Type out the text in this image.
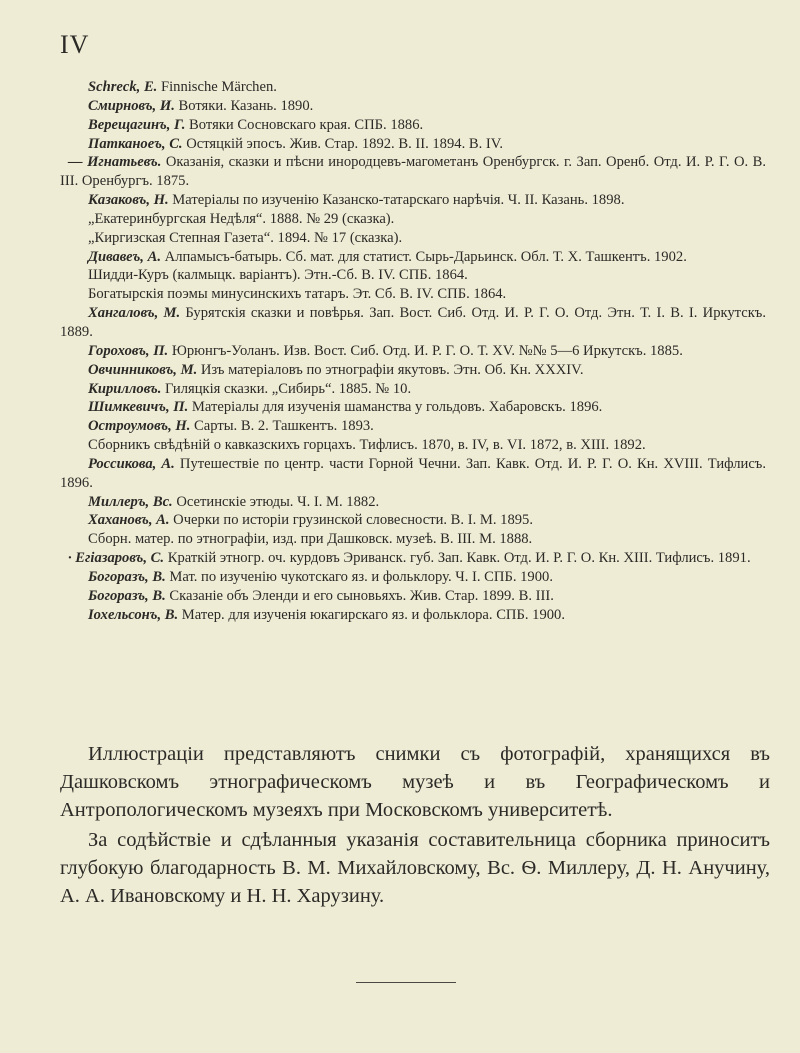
IV
Schreck, E. Finnische Märchen.
Смирновъ, И. Вотяки. Казань. 1890.
Верещагинъ, Г. Вотяки Сосновскаго края. СПБ. 1886.
Патканоеъ, С. Остяцкій эпосъ. Жив. Стар. 1892. В. II. 1894. В. IV.
— Игнатьевъ. Оказанія, сказки и пѣсни инородцевъ-магометанъ Оренбургск. г. Зап. Оренб. Отд. И. Р. Г. О. В. III. Оренбургъ. 1875.
Казаковъ, Н. Матеріалы по изученію Казанско-татарскаго нарѣчія. Ч. II. Казань. 1898.
„Екатеринбургская Недѣля“. 1888. № 29 (сказка).
„Киргизская Степная Газета“. 1894. № 17 (сказка).
Дивавеъ, А. Алпамысъ-батырь. Сб. мат. для статист. Сырь-Дарьинск. Обл. Т. X. Ташкентъ. 1902.
Шидди-Куръ (калмыцк. варіантъ). Этн.-Сб. В. IV. СПБ. 1864.
Богатырскія поэмы минусинскихъ татаръ. Эт. Сб. В. IV. СПБ. 1864.
Хангаловъ, М. Бурятскія сказки и повѣрья. Зап. Вост. Сиб. Отд. И. Р. Г. О. Отд. Этн. Т. I. В. I. Иркутскъ. 1889.
Гороховъ, П. Юрюнгъ-Уоланъ. Изв. Вост. Сиб. Отд. И. Р. Г. О. Т. XV. №№ 5—6 Иркутскъ. 1885.
Овчинниковъ, М. Изъ матеріаловъ по этнографіи якутовъ. Этн. Об. Кн. XXXIV.
Кирилловъ. Гиляцкія сказки. „Сибирь“. 1885. № 10.
Шимкевичъ, П. Матеріалы для изученія шаманства у гольдовъ. Хабаровскъ. 1896.
Остроумовъ, Н. Сарты. В. 2. Ташкентъ. 1893.
Сборникъ свѣдѣній о кавказскихъ горцахъ. Тифлисъ. 1870, в. IV, в. VI. 1872, в. XIII. 1892.
Россикова, А. Путешествіе по центр. части Горной Чечни. Зап. Кавк. Отд. И. Р. Г. О. Кн. XVIII. Тифлисъ. 1896.
Миллеръ, Вс. Осетинскіе этюды. Ч. I. М. 1882.
Хахановъ, А. Очерки по исторіи грузинской словесности. В. I. М. 1895.
Сборн. матер. по этнографіи, изд. при Дашковск. музеѣ. В. III. М. 1888.
· Егіазаровъ, С. Краткій этногр. оч. курдовъ Эриванск. губ. Зап. Кавк. Отд. И. Р. Г. О. Кн. XIII. Тифлисъ. 1891.
Богоразъ, В. Мат. по изученію чукотскаго яз. и фольклору. Ч. I. СПБ. 1900.
Богоразъ, В. Сказаніе объ Эленди и его сыновьяхъ. Жив. Стар. 1899. В. III.
Іохельсонъ, В. Матер. для изученія юкагирскаго яз. и фольклора. СПБ. 1900.
Иллюстраціи представляютъ снимки съ фотографій, хранящихся въ Дашковскомъ этнографическомъ музеѣ и въ Географическомъ и Антропологическомъ музеяхъ при Московскомъ университетѣ.
За содѣйствіе и сдѣланныя указанія составительница сборника приноситъ глубокую благодарность В. М. Михайловскому, Вс. Ѳ. Миллеру, Д. Н. Анучину, А. А. Ивановскому и Н. Н. Харузину.
